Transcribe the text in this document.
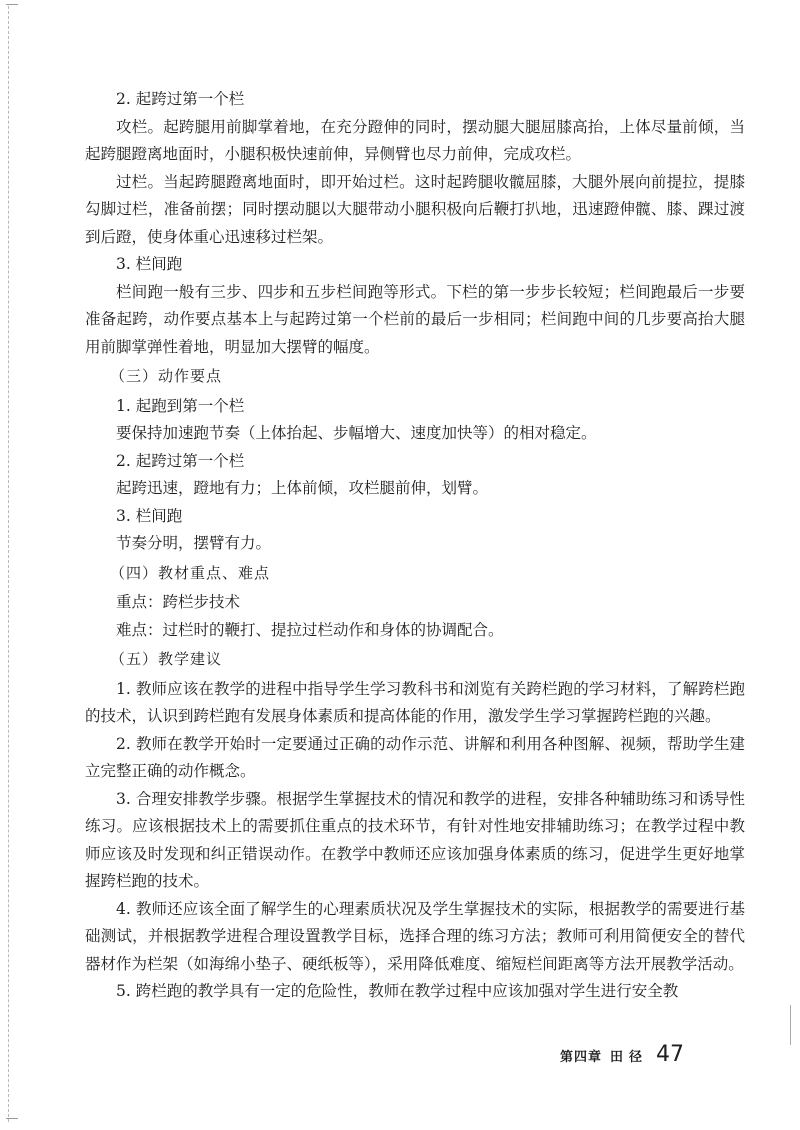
2. 起跨过第一个栏

攻栏。起跨腿用前脚掌着地，在充分蹬伸的同时，摆动腿大腿屈膝高抬，上体尽量前倾，当起跨腿蹬离地面时，小腿积极快速前伸，异侧臂也尽力前伸，完成攻栏。

过栏。当起跨腿蹬离地面时，即开始过栏。这时起跨腿收髋屈膝，大腿外展向前提拉，提膝勾脚过栏，准备前摆；同时摆动腿以大腿带动小腿积极向后鞭打扒地，迅速蹬伸髋、膝、踝过渡到后蹬，使身体重心迅速移过栏架。

3. 栏间跑

栏间跑一般有三步、四步和五步栏间跑等形式。下栏的第一步步长较短；栏间跑最后一步要准备起跨，动作要点基本上与起跨过第一个栏前的最后一步相同；栏间跑中间的几步要高抬大腿用前脚掌弹性着地，明显加大摆臂的幅度。

（三）动作要点

1. 起跑到第一个栏

要保持加速跑节奏（上体抬起、步幅增大、速度加快等）的相对稳定。

2. 起跨过第一个栏

起跨迅速，蹬地有力；上体前倾，攻栏腿前伸，划臂。

3. 栏间跑

节奏分明，摆臂有力。

（四）教材重点、难点

重点：跨栏步技术

难点：过栏时的鞭打、提拉过栏动作和身体的协调配合。

（五）教学建议

1. 教师应该在教学的进程中指导学生学习教科书和浏览有关跨栏跑的学习材料，了解跨栏跑的技术，认识到跨栏跑有发展身体素质和提高体能的作用，激发学生学习掌握跨栏跑的兴趣。

2. 教师在教学开始时一定要通过正确的动作示范、讲解和利用各种图解、视频，帮助学生建立完整正确的动作概念。

3. 合理安排教学步骤。根据学生掌握技术的情况和教学的进程，安排各种辅助练习和诱导性练习。应该根据技术上的需要抓住重点的技术环节，有针对性地安排辅助练习；在教学过程中教师应该及时发现和纠正错误动作。在教学中教师还应该加强身体素质的练习，促进学生更好地掌握跨栏跑的技术。

4. 教师还应该全面了解学生的心理素质状况及学生掌握技术的实际，根据教学的需要进行基础测试，并根据教学进程合理设置教学目标，选择合理的练习方法；教师可利用简便安全的替代器材作为栏架（如海绵小垫子、硬纸板等），采用降低难度、缩短栏间距离等方法开展教学活动。

5. 跨栏跑的教学具有一定的危险性，教师在教学过程中应该加强对学生进行安全教

第四章 田径 47
